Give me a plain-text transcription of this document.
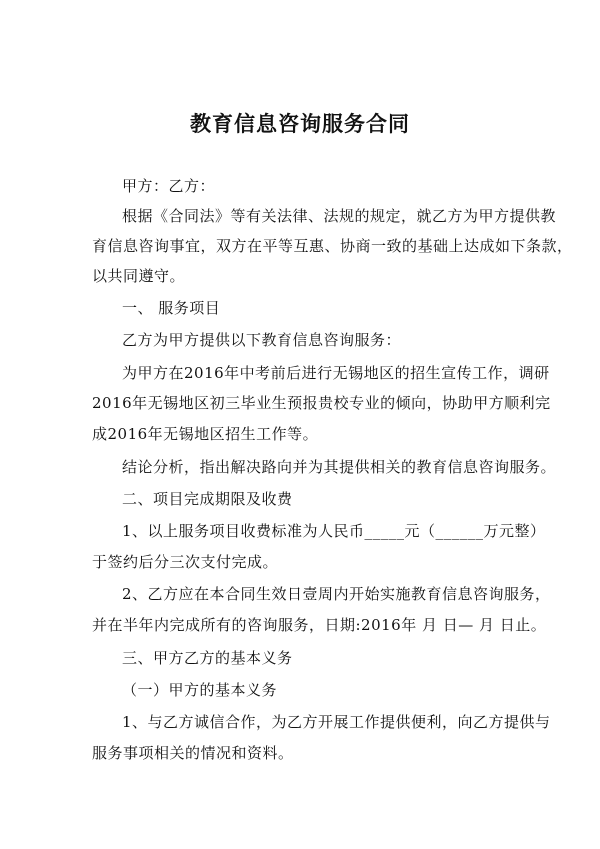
教育信息咨询服务合同
甲方：乙方：
根据《合同法》等有关法律、法规的规定，就乙方为甲方提供教
育信息咨询事宜，双方在平等互惠、协商一致的基础上达成如下条款，
以共同遵守。
一、 服务项目
乙方为甲方提供以下教育信息咨询服务：
为甲方在2016年中考前后进行无锡地区的招生宣传工作，调研
2016年无锡地区初三毕业生预报贵校专业的倾向，协助甲方顺利完
成2016年无锡地区招生工作等。
结论分析，指出解决路向并为其提供相关的教育信息咨询服务。
二、项目完成期限及收费
1、以上服务项目收费标准为人民币_____元（______万元整）
于签约后分三次支付完成。
2、乙方应在本合同生效日壹周内开始实施教育信息咨询服务，
并在半年内完成所有的咨询服务，日期:2016年 月 日— 月 日止。
三、甲方乙方的基本义务
（一）甲方的基本义务
1、与乙方诚信合作，为乙方开展工作提供便利，向乙方提供与
服务事项相关的情况和资料。
